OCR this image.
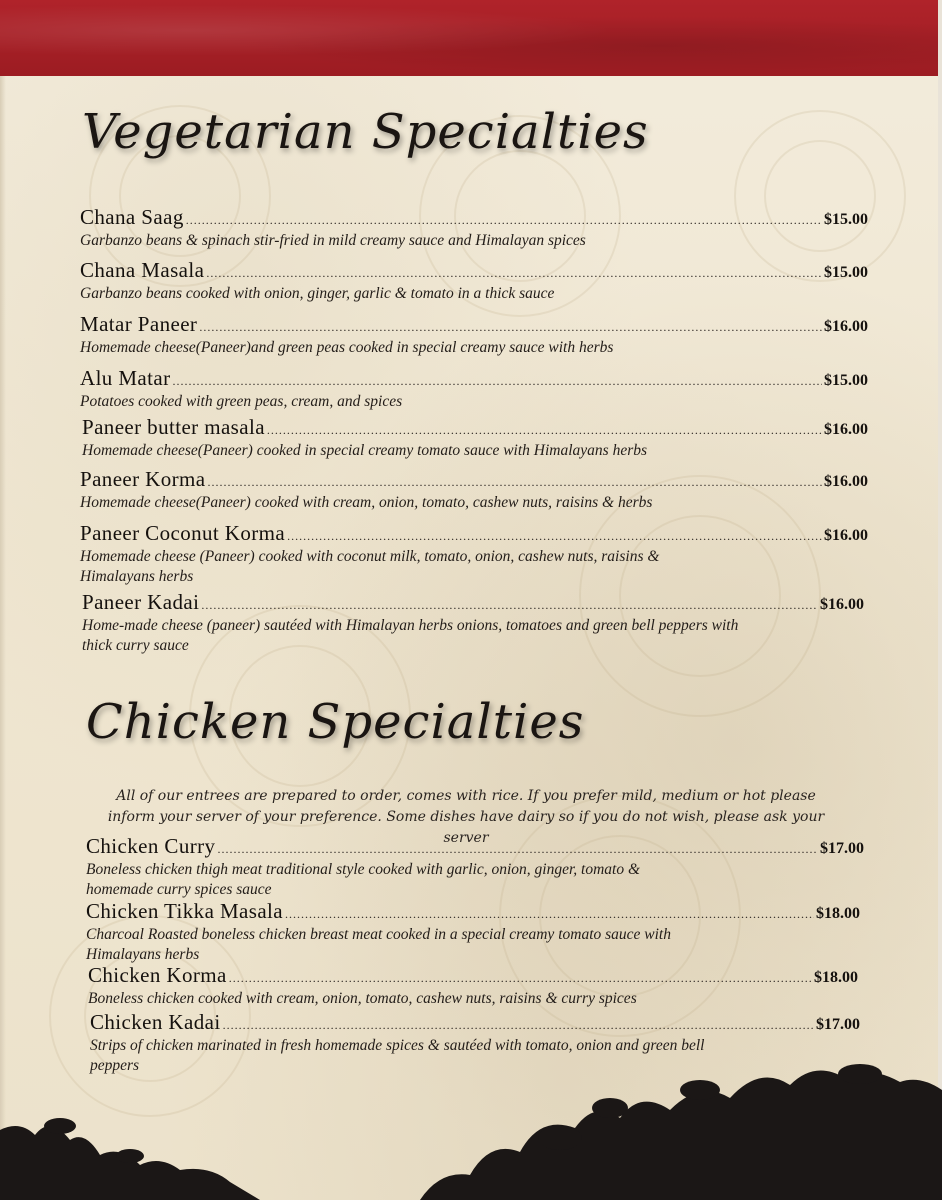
Vegetarian Specialties
Chana Saag .....	$15.00
Garbanzo beans & spinach stir-fried in mild creamy sauce and Himalayan spices
Chana Masala .....	$15.00
Garbanzo beans cooked with onion, ginger, garlic & tomato in a thick sauce
Matar Paneer .....	$16.00
Homemade cheese(Paneer)and green peas cooked in special creamy sauce with herbs
Alu Matar .....	$15.00
Potatoes cooked with green peas, cream, and spices
Paneer butter masala .....	$16.00
Homemade cheese(Paneer) cooked in special creamy tomato sauce with Himalayans herbs
Paneer Korma .....	$16.00
Homemade cheese(Paneer) cooked with cream, onion, tomato, cashew nuts, raisins & herbs
Paneer Coconut Korma .....	$16.00
Homemade cheese (Paneer) cooked with coconut milk, tomato, onion, cashew nuts, raisins & Himalayans herbs
Paneer Kadai .....	$16.00
Home-made cheese (paneer) sautéed with Himalayan herbs onions, tomatoes and green bell peppers with thick curry sauce
Chicken Specialties
All of our entrees are prepared to order, comes with rice. If you prefer mild, medium or hot please inform your server of your preference. Some dishes have dairy so if you do not wish, please ask your server
Chicken Curry .....	$17.00
Boneless chicken thigh meat traditional style cooked with garlic, onion, ginger, tomato & homemade curry spices sauce
Chicken Tikka Masala .....	$18.00
Charcoal Roasted boneless chicken breast meat cooked in a special creamy tomato sauce with Himalayans herbs
Chicken Korma .....	$18.00
Boneless chicken cooked with cream, onion, tomato, cashew nuts, raisins & curry spices
Chicken Kadai .....	$17.00
Strips of chicken marinated in fresh homemade spices & sautéed with tomato, onion and green bell peppers
